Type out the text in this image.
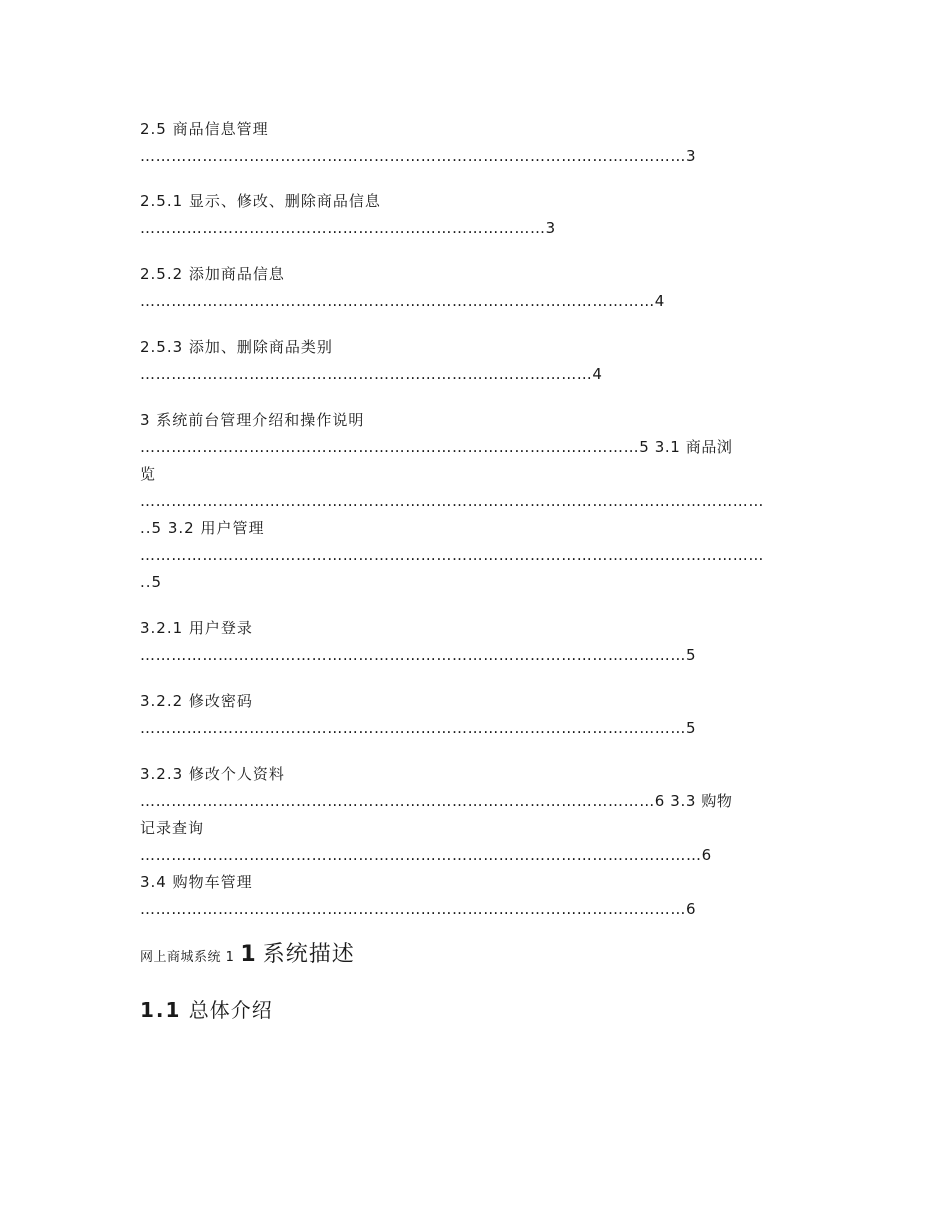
2.5 商品信息管理
……………………………………………………………………………………………3
2.5.1 显示、修改、删除商品信息
……………………………………………………………………3
2.5.2 添加商品信息
………………………………………………………………………………………4
2.5.3 添加、删除商品类别
……………………………………………………………………………4
3 系统前台管理介绍和操作说明
……………………………………………………………………………………5 3.1 商品浏
览
…………………………………………………………………………………………………………
..5 3.2 用户管理
…………………………………………………………………………………………………………
..5
3.2.1 用户登录
……………………………………………………………………………………………5
3.2.2 修改密码
……………………………………………………………………………………………5
3.2.3 修改个人资料
………………………………………………………………………………………6 3.3 购物
记录查询
………………………………………………………………………………………………6
3.4 购物车管理
……………………………………………………………………………………………6
网上商城系统 1 1 系统描述
1.1 总体介绍
